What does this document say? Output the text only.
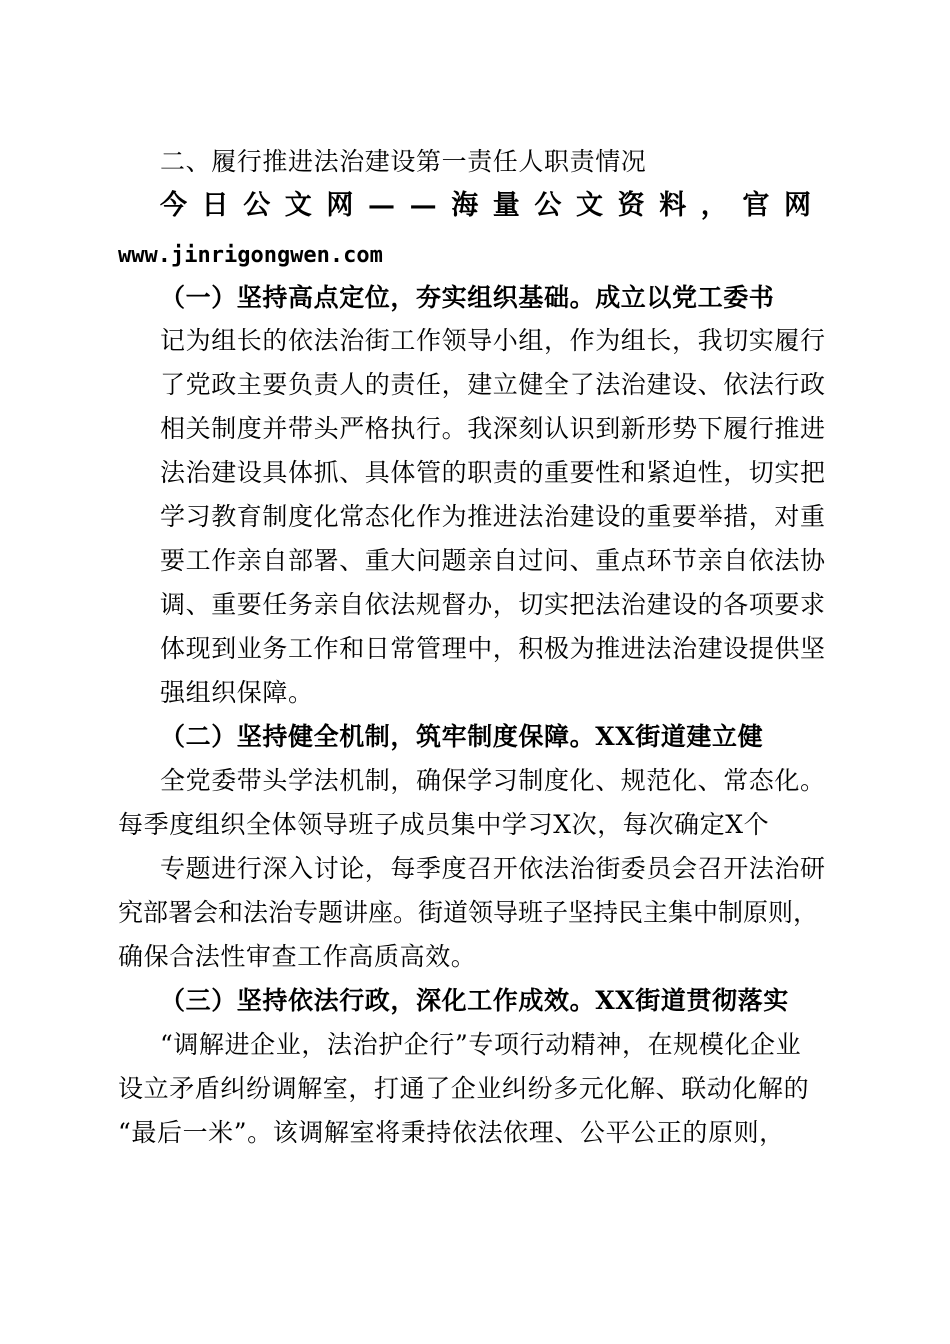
二、履行推进法治建设第一责任人职责情况
今日公文网——海量公文资料，官网
www.jinrigongwen.com
（一）坚持高点定位，夯实组织基础。成立以党工委书
记为组长的依法治街工作领导小组，作为组长，我切实履行
了党政主要负责人的责任，建立健全了法治建设、依法行政
相关制度并带头严格执行。我深刻认识到新形势下履行推进
法治建设具体抓、具体管的职责的重要性和紧迫性，切实把
学习教育制度化常态化作为推进法治建设的重要举措，对重
要工作亲自部署、重大问题亲自过问、重点环节亲自依法协
调、重要任务亲自依法规督办，切实把法治建设的各项要求
体现到业务工作和日常管理中，积极为推进法治建设提供坚
强组织保障。
（二）坚持健全机制，筑牢制度保障。XX街道建立健
全党委带头学法机制，确保学习制度化、规范化、常态化。
每季度组织全体领导班子成员集中学习X次，每次确定X个
专题进行深入讨论，每季度召开依法治街委员会召开法治研
究部署会和法治专题讲座。街道领导班子坚持民主集中制原则，
确保合法性审查工作高质高效。
（三）坚持依法行政，深化工作成效。XX街道贯彻落实
“调解进企业，法治护企行”专项行动精神，在规模化企业
设立矛盾纠纷调解室，打通了企业纠纷多元化解、联动化解的
“最后一米”。该调解室将秉持依法依理、公平公正的原则，
